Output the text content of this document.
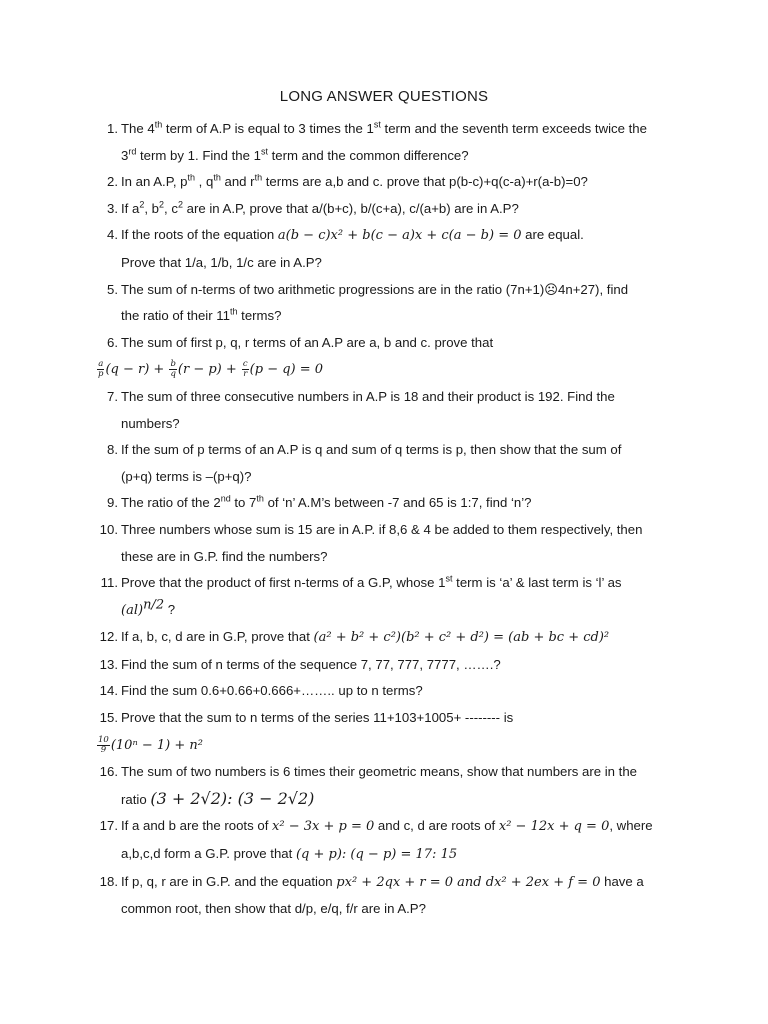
LONG ANSWER QUESTIONS
1. The 4th term of A.P is equal to 3 times the 1st term and the seventh term exceeds twice the
3rd term by 1. Find the 1st term and the common difference?
2. In an A.P, $p^{th}$ , $q^{th}$ and $r^{th}$ terms are a,b and c. prove that p(b-c)+q(c-a)+r(a-b)=0?
3. If $a^2$, $b^2$, $c^2$ are in A.P, prove that a/(b+c), b/(c+a), c/(a+b) are in A.P?
4. If the roots of the equation a(b − c)x² + b(c − a)x + c(a − b) = 0 are equal.
Prove that 1/a, 1/b, 1/c are in A.P?
5. The sum of n-terms of two arithmetic progressions are in the ratio (7n+1)☹4n+27), find
the ratio of their 11th terms?
6. The sum of first p, q, r terms of an A.P are a, b and c. prove that
$\frac{a}{p} (q - r) + \frac{b}{q} (r - p) + \frac{c}{r} (p - q) = 0$
7. The sum of three consecutive numbers in A.P is 18 and their product is 192. Find the
numbers?
8. If the sum of p terms of an A.P is q and sum of q terms is p, then show that the sum of
(p+q) terms is –(p+q)?
9. The ratio of the 2nd to 7th of ‘n’ A.M’s between -7 and 65 is 1:7, find ‘n’?
10. Three numbers whose sum is 15 are in A.P. if 8,6 & 4 be added to them respectively, then
these are in G.P. find the numbers?
11. Prove that the product of first n-terms of a G.P, whose 1st term is ‘a’ & last term is ‘l’ as
(al)$^{n/2}$ ?
12. If a, b, c, d are in G.P, prove that (a² + b² + c²)(b² + c² + d²) = (ab + bc + cd)²
13. Find the sum of n terms of the sequence 7, 77, 777, 7777, …….?
14. Find the sum 0.6+0.66+0.666+…….. up to n terms?
15. Prove that the sum to n terms of the series 11+103+1005+ -------- is
$\frac{10}{9} (10^n - 1) + n^2$
16. The sum of two numbers is 6 times their geometric means, show that numbers are in the
ratio (3 + 2√2): (3 − 2√2)
17. If a and b are the roots of x² − 3x + p = 0 and c, d are roots of x² − 12x + q = 0, where
a,b,c,d form a G.P. prove that (q + p): (q − p) = 17: 15
18. If p, q, r are in G.P. and the equation px² + 2qx + r = 0 and dx² + 2ex + f = 0 have a
common root, then show that d/p, e/q, f/r are in A.P?
